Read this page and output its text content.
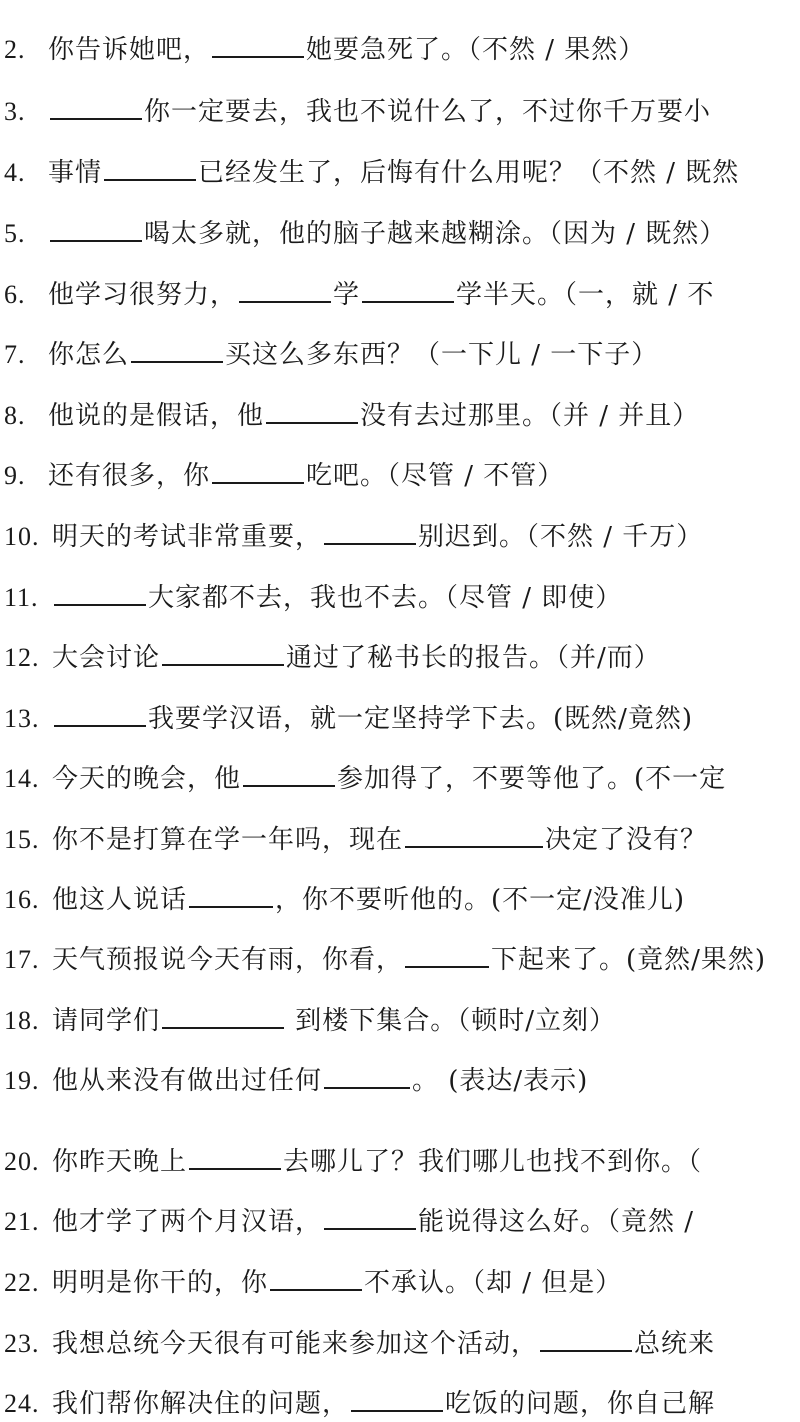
2. 你告诉她吧，	她要急死了。（不然 / 果然）
3.	你一定要去，我也不说什么了，不过你千万要小
4. 事情	已经发生了，后悔有什么用呢？（不然 / 既然
5.	喝太多就，他的脑子越来越糊涂。（因为 / 既然）
6. 他学习很努力，	学	学半天。（一，就 / 不
7. 你怎么	买这么多东西？（一下儿 / 一下子）
8. 他说的是假话，他	没有去过那里。（并 / 并且）
9. 还有很多，你	吃吧。（尽管 / 不管）
10. 明天的考试非常重要，	别迟到。（不然 / 千万）
11.	大家都不去，我也不去。（尽管 / 即使）
12. 大会讨论	通过了秘书长的报告。（并/而）
13.	我要学汉语，就一定坚持学下去。(既然/竟然)
14. 今天的晚会，他	参加得了，不要等他了。(不一定
15. 你不是打算在学一年吗，现在	决定了没有？
16. 他这人说话	，你不要听他的。(不一定/没准儿)
17. 天气预报说今天有雨，你看，	下起来了。(竟然/果然)
18. 请同学们	到楼下集合。（顿时/立刻）
19. 他从来没有做出过任何	。 (表达/表示)
20. 你昨天晚上	去哪儿了？我们哪儿也找不到你。（
21. 他才学了两个月汉语，	能说得这么好。（竟然 /
22. 明明是你干的，你	不承认。（却 / 但是）
23. 我想总统今天很有可能来参加这个活动，	总统来
24. 我们帮你解决住的问题，	吃饭的问题，你自己解
